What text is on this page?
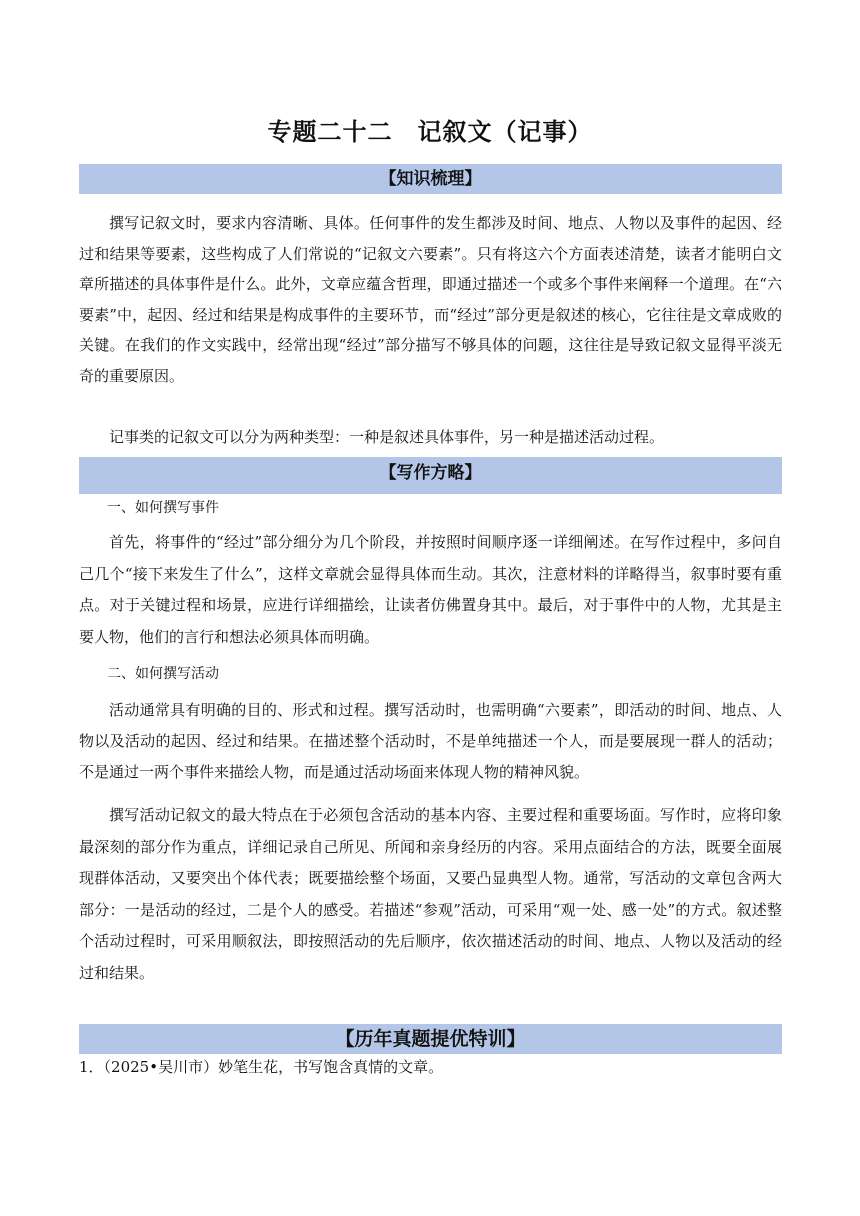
专题二十二　记叙文（记事）
【知识梳理】

撰写记叙文时，要求内容清晰、具体。任何事件的发生都涉及时间、地点、人物以及事件的起因、经过和结果等要素，这些构成了人们常说的“记叙文六要素”。只有将这六个方面表述清楚，读者才能明白文章所描述的具体事件是什么。此外，文章应蕴含哲理，即通过描述一个或多个事件来阐释一个道理。在“六要素”中，起因、经过和结果是构成事件的主要环节，而“经过”部分更是叙述的核心，它往往是文章成败的关键。在我们的作文实践中，经常出现“经过”部分描写不够具体的问题，这往往是导致记叙文显得平淡无奇的重要原因。

记事类的记叙文可以分为两种类型：一种是叙述具体事件，另一种是描述活动过程。

【写作方略】

一、如何撰写事件

首先，将事件的“经过”部分细分为几个阶段，并按照时间顺序逐一详细阐述。在写作过程中，多问自己几个“接下来发生了什么”，这样文章就会显得具体而生动。其次，注意材料的详略得当，叙事时要有重点。对于关键过程和场景，应进行详细描绘，让读者仿佛置身其中。最后，对于事件中的人物，尤其是主要人物，他们的言行和想法必须具体而明确。

二、如何撰写活动

活动通常具有明确的目的、形式和过程。撰写活动时，也需明确“六要素”，即活动的时间、地点、人物以及活动的起因、经过和结果。在描述整个活动时，不是单纯描述一个人，而是要展现一群人的活动；不是通过一两个事件来描绘人物，而是通过活动场面来体现人物的精神风貌。

撰写活动记叙文的最大特点在于必须包含活动的基本内容、主要过程和重要场面。写作时，应将印象最深刻的部分作为重点，详细记录自己所见、所闻和亲身经历的内容。采用点面结合的方法，既要全面展现群体活动，又要突出个体代表；既要描绘整个场面，又要凸显典型人物。通常，写活动的文章包含两大部分：一是活动的经过，二是个人的感受。若描述“参观”活动，可采用“观一处、感一处”的方式。叙述整个活动过程时，可采用顺叙法，即按照活动的先后顺序，依次描述活动的时间、地点、人物以及活动的经过和结果。

【历年真题提优特训】
1．（2025•吴川市）妙笔生花，书写饱含真情的文章。
